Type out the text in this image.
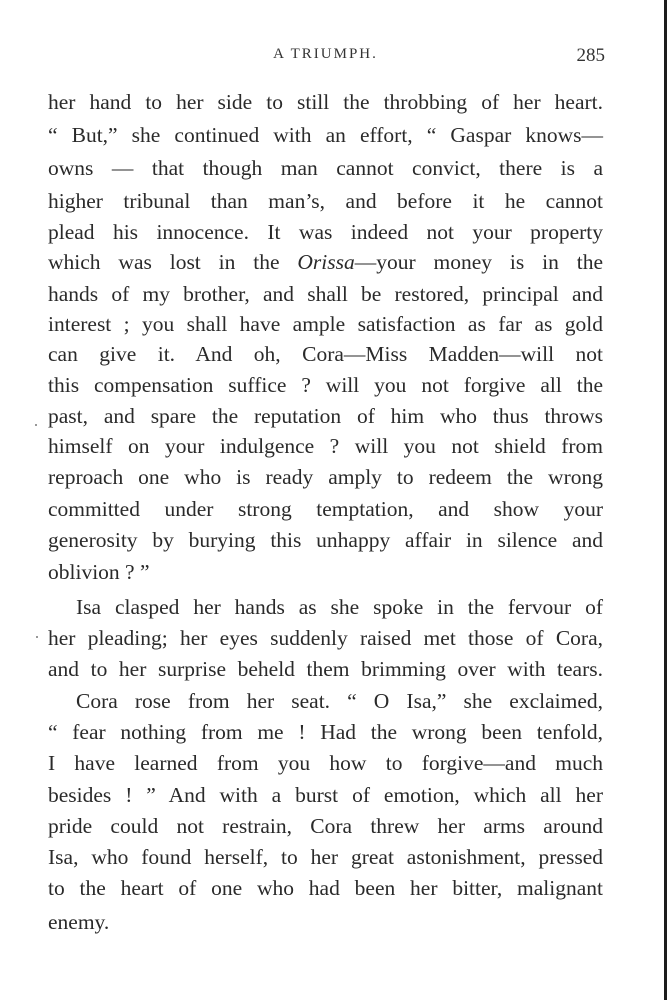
A TRIUMPH.	285
her hand to her side to still the throbbing of her heart.
“ But,” she continued with an effort, “ Gaspar knows—
owns — that though man cannot convict, there is a
higher tribunal than man’s, and before it he cannot
plead his innocence. It was indeed not your property
which was lost in the Orissa—your money is in the
hands of my brother, and shall be restored, principal and
interest ; you shall have ample satisfaction as far as gold
can give it. And oh, Cora—Miss Madden—will not
this compensation suffice ? will you not forgive all the
past, and spare the reputation of him who thus throws
himself on your indulgence ? will you not shield from
reproach one who is ready amply to redeem the wrong
committed under strong temptation, and show your
generosity by burying this unhappy affair in silence and
oblivion ? ”
Isa clasped her hands as she spoke in the fervour of
her pleading; her eyes suddenly raised met those of Cora,
and to her surprise beheld them brimming over with tears.
Cora rose from her seat. “ O Isa,” she exclaimed,
“ fear nothing from me ! Had the wrong been tenfold,
I have learned from you how to forgive—and much
besides ! ” And with a burst of emotion, which all her
pride could not restrain, Cora threw her arms around
Isa, who found herself, to her great astonishment, pressed
to the heart of one who had been her bitter, malignant
enemy.
